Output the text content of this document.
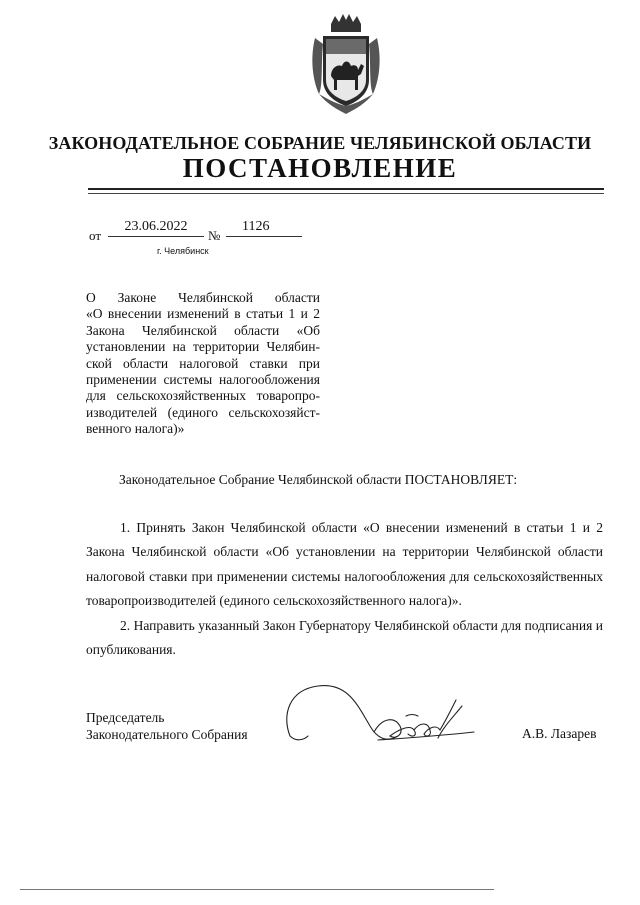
ЗАКОНОДАТЕЛЬНОЕ СОБРАНИЕ ЧЕЛЯБИНСКОЙ ОБЛАСТИ
ПОСТАНОВЛЕНИЕ
от
23.06.2022
№
1126
г. Челябинск

О Законе Челябинской области

«О внесении изменений в статьи 1 и 2

Закона Челябинской области «Об

установлении на территории Челябин-

ской области налоговой ставки при

применении системы налогообложения

для сельскохозяйственных товаропро-

изводителей (единого сельскохозяйст-

венного налога)»

Законодательное Собрание Челябинской области ПОСТАНОВЛЯЕТ:

1. Принять Закон Челябинской области «О внесении изменений в статьи 1 и 2 Закона Челябинской области «Об установлении на территории Челябинской области налоговой ставки при применении системы налогообложения для сельскохозяйственных товаропроизводителей (единого сельскохозяйственного налога)».

2. Направить указанный Закон Губернатору Челябинской области для подписания и опубликования.

Председатель
Законодательного Собрания	А.В. Лазарев
